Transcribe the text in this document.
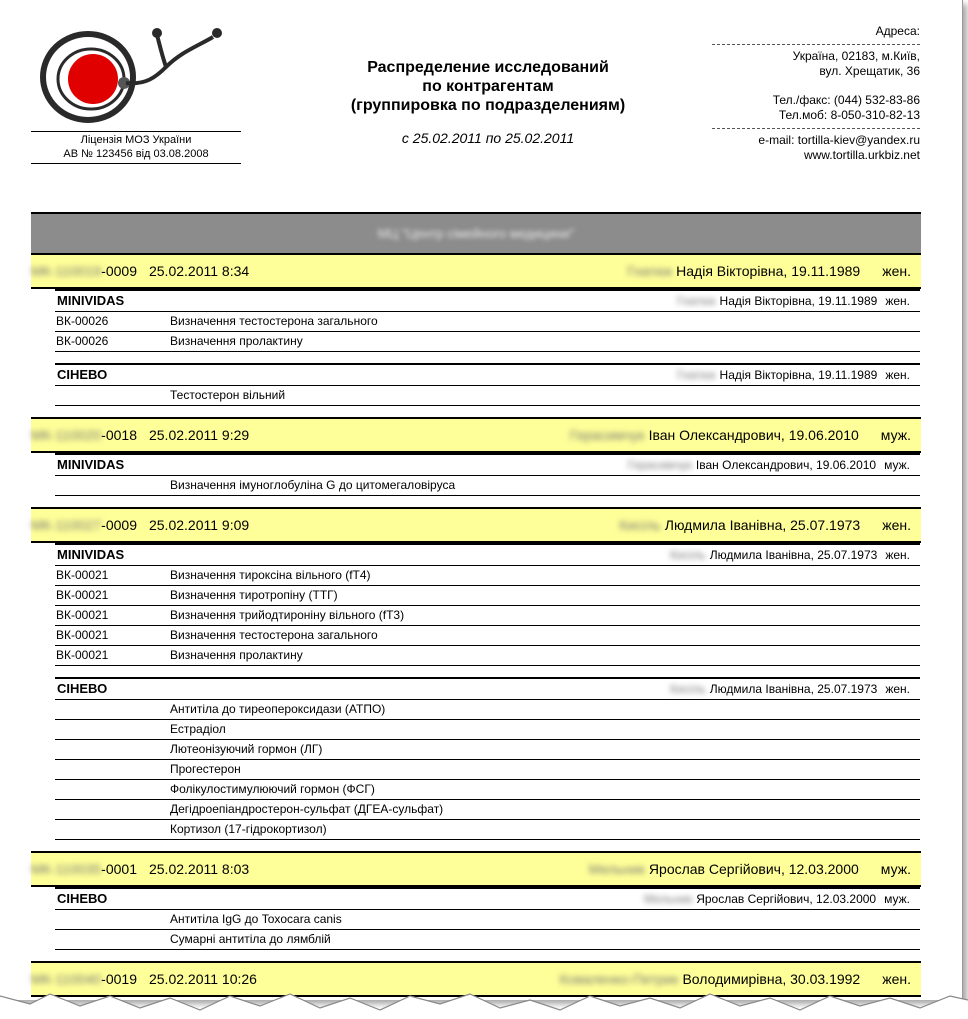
Ліцензія МОЗ України
АВ № 123456 від 03.08.2008
Распределение исследований
по контрагентам
(группировка по подразделениям)
с 25.02.2011 по 25.02.2011
Адреса:
Україна, 02183, м.Київ,
вул. Хрещатик, 36
Тел./факс: (044) 532-83-86
Тел.моб: 8-050-310-82-13
e-mail: tortilla-kiev@yandex.ru
www.tortilla.urkbiz.net
МЦ "Центр сімейного медицини"
МК-110019-0009 25.02.2011 8:34	Гнатюк Надія Вікторівна, 19.11.1989 жен.
MINIVIDAS	Гнатюк Надія Вікторівна, 19.11.1989 жен.
ВК-00026	Визначення тестостерона загального
ВК-00026	Визначення пролактину
СІНЕВО	Гнатюк Надія Вікторівна, 19.11.1989 жен.
Тестостерон вільний
МК-110020-0018 25.02.2011 9:29	Герасимчук Іван Олександрович, 19.06.2010 муж.
MINIVIDAS	Герасимчук Іван Олександрович, 19.06.2010 муж.
Визначення імуноглобуліна G до цитомегаловіруса
МК-110027-0009 25.02.2011 9:09	Кисіль Людмила Іванівна, 25.07.1973 жен.
MINIVIDAS	Кисіль Людмила Іванівна, 25.07.1973 жен.
ВК-00021	Визначення тироксіна вільного (fT4)
ВК-00021	Визначення тиротропіну (ТТГ)
ВК-00021	Визначення трийодтироніну вільного (fT3)
ВК-00021	Визначення тестостерона загального
ВК-00021	Визначення пролактину
СІНЕВО	Кисіль Людмила Іванівна, 25.07.1973 жен.
Антитіла до тиреопероксидази (АТПО)
Естрадіол
Лютеонізуючий гормон (ЛГ)
Прогестерон
Фолікулостимулюючий гормон (ФСГ)
Дегідроепіандростерон-сульфат (ДГЕА-сульфат)
Кортизол (17-гідрокортизол)
МК-110035-0001 25.02.2011 8:03	Мельник Ярослав Сергійович, 12.03.2000 муж.
СІНЕВО	Мельник Ярослав Сергійович, 12.03.2000 муж.
Антитіла IgG до Toxocara canis
Сумарні антитіла до лямблій
МК-110040-0019 25.02.2011 10:26	Коваленко-Петрик Володимирівна, 30.03.1992 жен.
